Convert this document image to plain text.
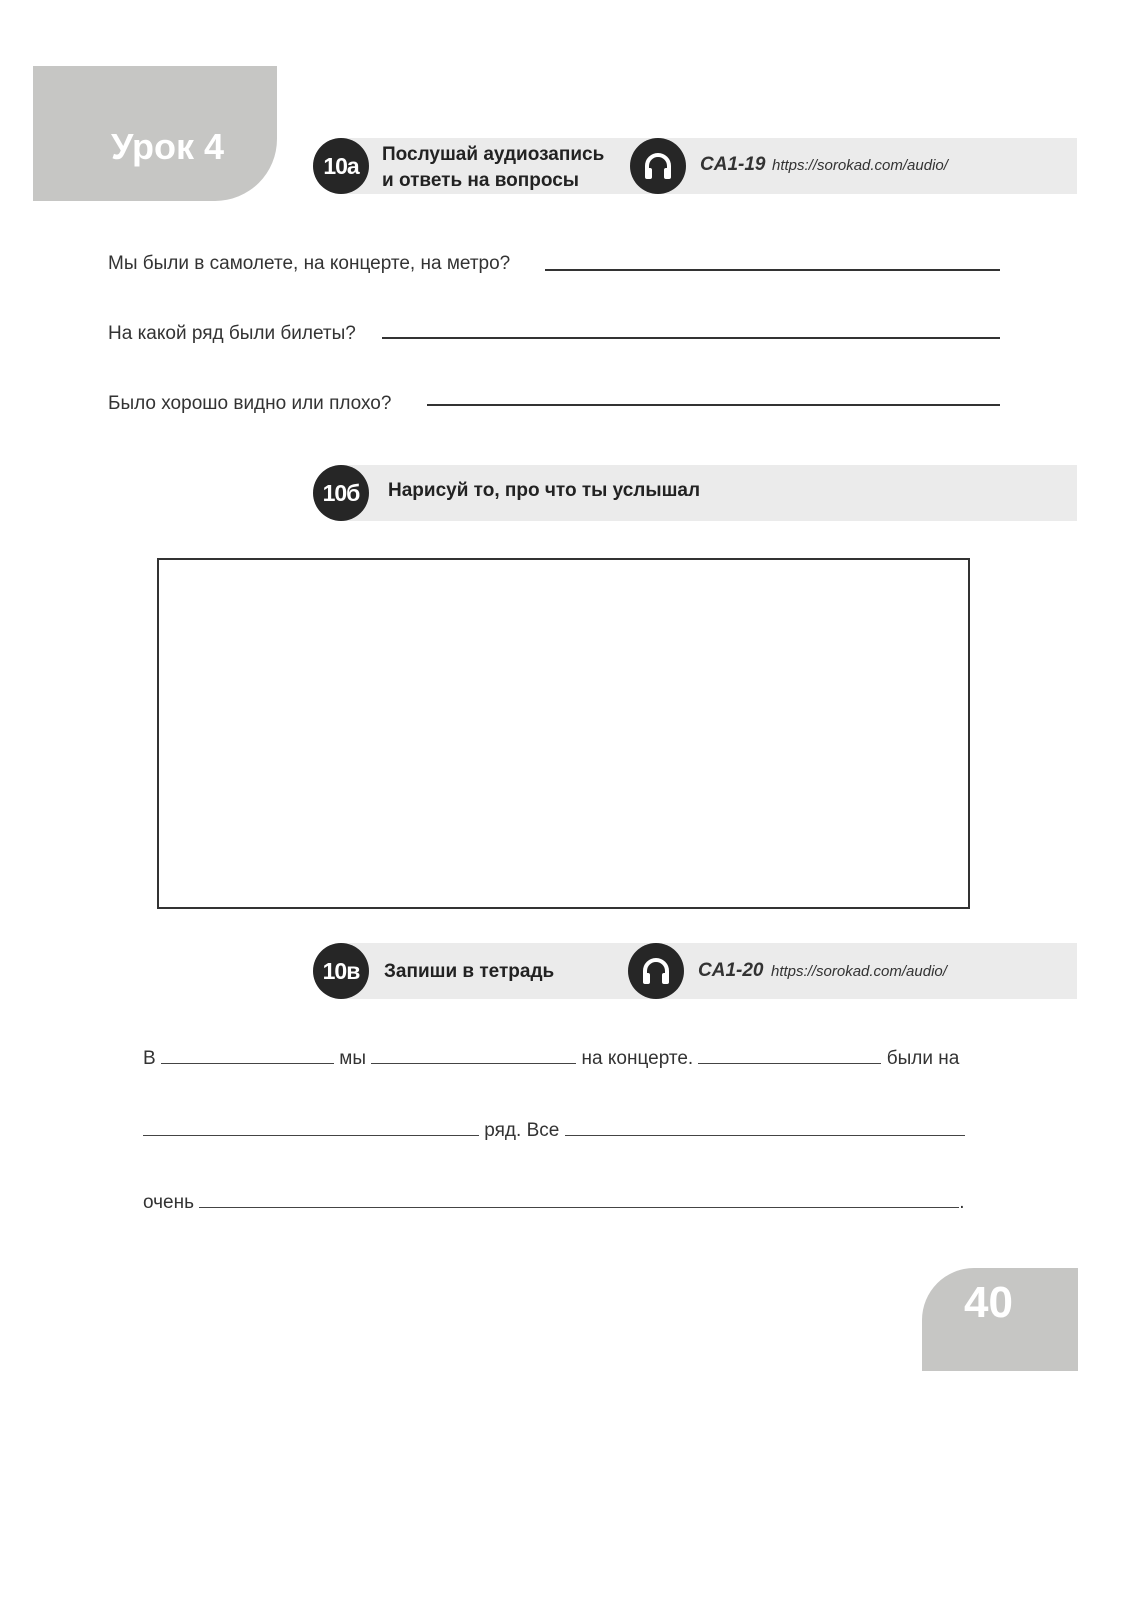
Урок 4	10а	Послушай аудиозапись
и ответь на вопросы
CA1-19 https://sorokad.com/audio/
Мы были в самолете, на концерте, на метро?
На какой ряд были билеты?
Было хорошо видно или плохо?
10б	Нарисуй то, про что ты услышал
10в	Запиши в тетрадь	CA1-20 https://sorokad.com/audio/
В	мы	на концерте.	были на
ряд. Все
очень	.
40
